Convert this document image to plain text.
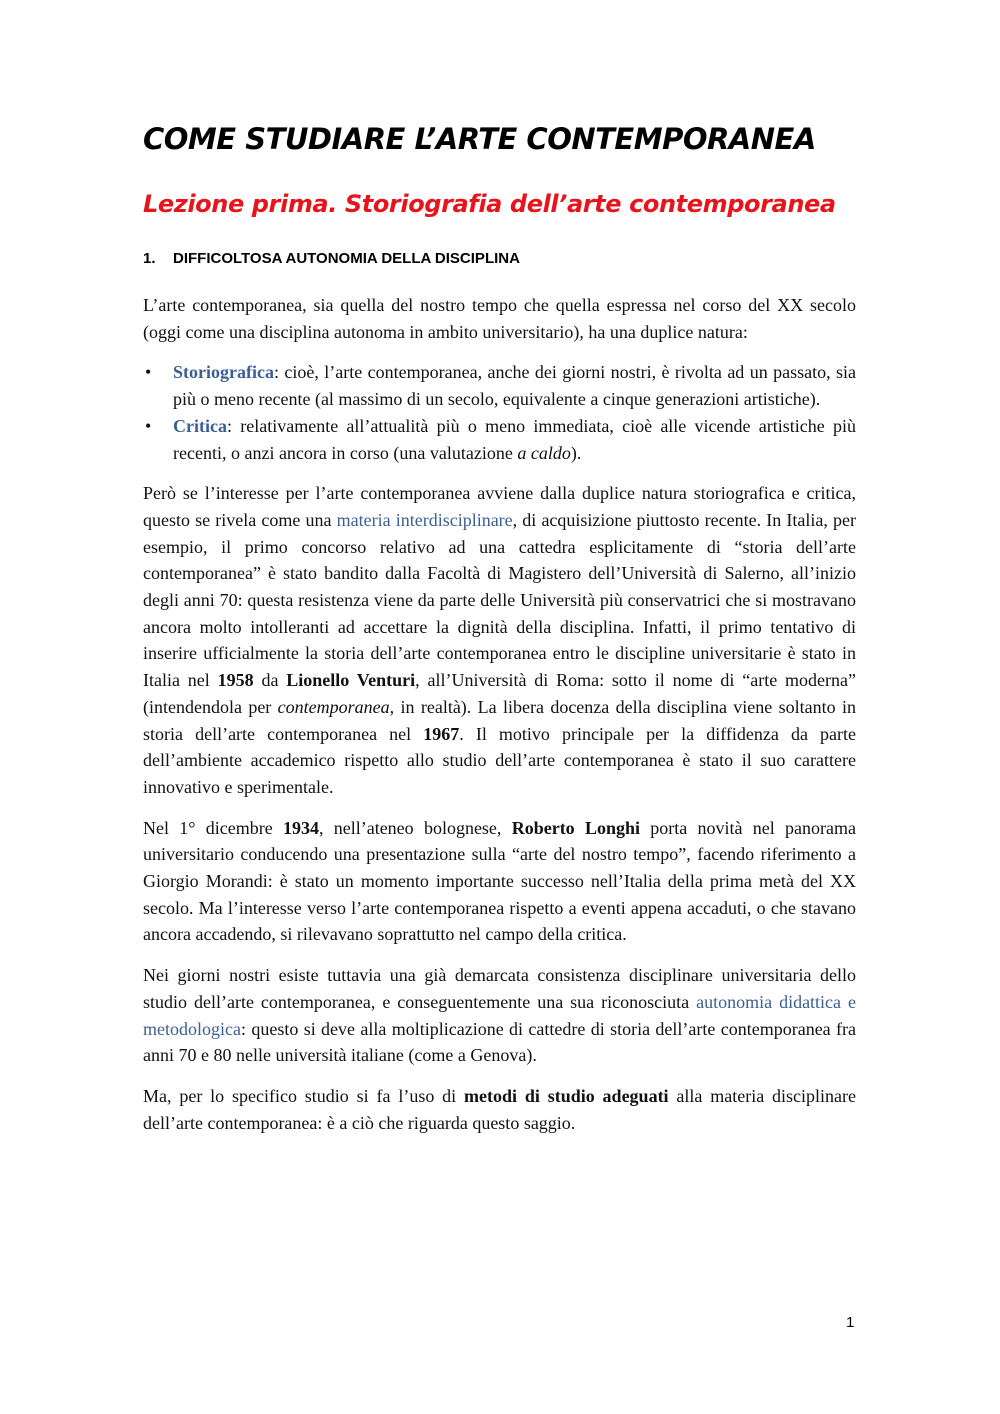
COME STUDIARE L’ARTE CONTEMPORANEA
Lezione prima. Storiografia dell’arte contemporanea
1. DIFFICOLTOSA AUTONOMIA DELLA DISCIPLINA

L’arte contemporanea, sia quella del nostro tempo che quella espressa nel corso del XX secolo (oggi come una disciplina autonoma in ambito universitario), ha una duplice natura:

• Storiografica: cioè, l’arte contemporanea, anche dei giorni nostri, è rivolta ad un passato, sia più o meno recente (al massimo di un secolo, equivalente a cinque generazioni artistiche).
• Critica: relativamente all’attualità più o meno immediata, cioè alle vicende artistiche più recenti, o anzi ancora in corso (una valutazione a caldo).

Però se l’interesse per l’arte contemporanea avviene dalla duplice natura storiografica e critica, questo se rivela come una materia interdisciplinare, di acquisizione piuttosto recente. In Italia, per esempio, il primo concorso relativo ad una cattedra esplicitamente di “storia dell’arte contemporanea” è stato bandito dalla Facoltà di Magistero dell’Università di Salerno, all’inizio degli anni 70: questa resistenza viene da parte delle Università più conservatrici che si mostravano ancora molto intolleranti ad accettare la dignità della disciplina. Infatti, il primo tentativo di inserire ufficialmente la storia dell’arte contemporanea entro le discipline universitarie è stato in Italia nel 1958 da Lionello Venturi, all’Università di Roma: sotto il nome di “arte moderna” (intendendola per contemporanea, in realtà). La libera docenza della disciplina viene soltanto in storia dell’arte contemporanea nel 1967. Il motivo principale per la diffidenza da parte dell’ambiente accademico rispetto allo studio dell’arte contemporanea è stato il suo carattere innovativo e sperimentale.

Nel 1° dicembre 1934, nell’ateneo bolognese, Roberto Longhi porta novità nel panorama universitario conducendo una presentazione sulla “arte del nostro tempo”, facendo riferimento a Giorgio Morandi: è stato un momento importante successo nell’Italia della prima metà del XX secolo. Ma l’interesse verso l’arte contemporanea rispetto a eventi appena accaduti, o che stavano ancora accadendo, si rilevavano soprattutto nel campo della critica.

Nei giorni nostri esiste tuttavia una già demarcata consistenza disciplinare universitaria dello studio dell’arte contemporanea, e conseguentemente una sua riconosciuta autonomia didattica e metodologica: questo si deve alla moltiplicazione di cattedre di storia dell’arte contemporanea fra anni 70 e 80 nelle università italiane (come a Genova).

Ma, per lo specifico studio si fa l’uso di metodi di studio adeguati alla materia disciplinare dell’arte contemporanea: è a ciò che riguarda questo saggio.

1
